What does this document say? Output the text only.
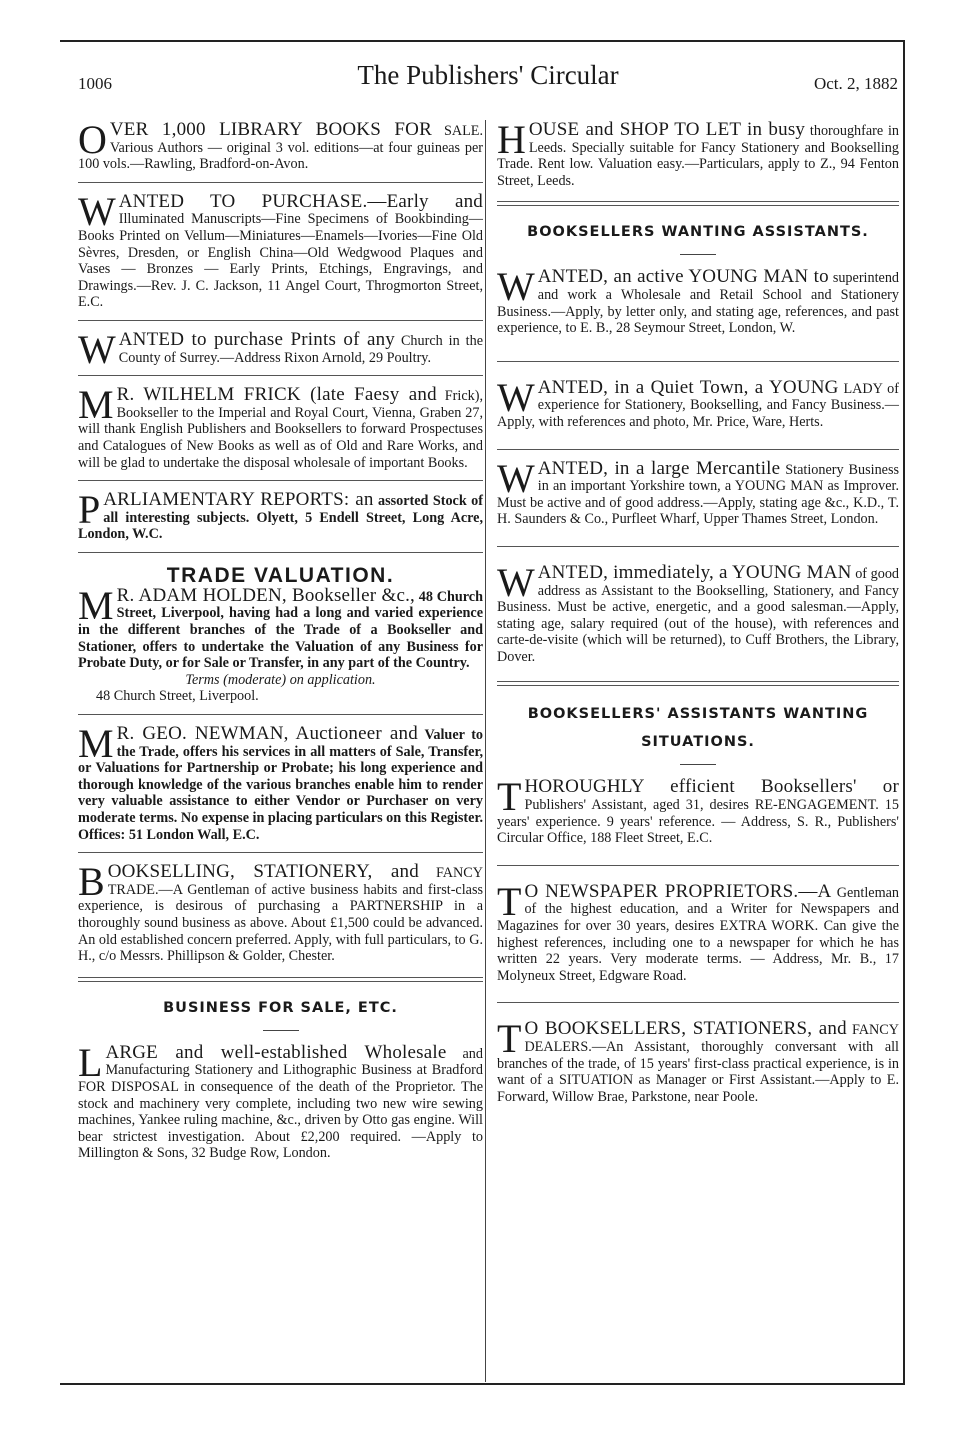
1006	The Publishers' Circular	Oct. 2, 1882

OVER 1,000 LIBRARY BOOKS FOR SALE. Various Authors — original 3 vol. editions—at four guineas per 100 vols.—Rawling, Bradford-on-Avon.

WANTED TO PURCHASE.—Early and Illuminated Manuscripts—Fine Specimens of Bookbinding—Books Printed on Vellum—Miniatures—Enamels—Ivories—Fine Old Sèvres, Dresden, or English China—Old Wedgwood Plaques and Vases — Bronzes — Early Prints, Etchings, Engravings, and Drawings.—Rev. J. C. Jackson, 11 Angel Court, Throgmorton Street, E.C.

WANTED to purchase Prints of any Church in the County of Surrey.—Address Rixon Arnold, 29 Poultry.

M R. WILHELM FRICK (late Faesy and Frick), Bookseller to the Imperial and Royal Court, Vienna, Graben 27, will thank English Publishers and Booksellers to forward Prospectuses and Catalogues of New Books as well as of Old and Rare Works, and will be glad to undertake the disposal wholesale of important Books.

PARLIAMENTARY REPORTS: an assorted Stock of all interesting subjects. Olyett, 5 Endell Street, Long Acre, London, W.C.

TRADE VALUATION.

M R. ADAM HOLDEN, Bookseller &c., 48 Church Street, Liverpool, having had a long and varied experience in the different branches of the Trade of a Bookseller and Stationer, offers to undertake the Valuation of any Business for Probate Duty, or for Sale or Transfer, in any part of the Country.

Terms (moderate) on application.

48 Church Street, Liverpool.

M R. GEO. NEWMAN, Auctioneer and Valuer to the Trade, offers his services in all matters of Sale, Transfer, or Valuations for Partnership or Probate; his long experience and thorough knowledge of the various branches enable him to render very valuable assistance to either Vendor or Purchaser on very moderate terms. No expense in placing particulars on this Register. Offices: 51 London Wall, E.C.

BOOKSELLING, STATIONERY, and FANCY TRADE.—A Gentleman of active business habits and first-class experience, is desirous of purchasing a PARTNERSHIP in a thoroughly sound business as above. About £1,500 could be advanced. An old established concern preferred. Apply, with full particulars, to G. H., c/o Messrs. Phillipson & Golder, Chester.

BUSINESS FOR SALE, ETC.

LARGE and well-established Wholesale and Manufacturing Stationery and Lithographic Business at Bradford FOR DISPOSAL in consequence of the death of the Proprietor. The stock and machinery very complete, including two new wire sewing machines, Yankee ruling machine, &c., driven by Otto gas engine. Will bear strictest investigation. About £2,200 required. —Apply to Millington & Sons, 32 Budge Row, London.

HOUSE and SHOP TO LET in busy thoroughfare in Leeds. Specially suitable for Fancy Stationery and Bookselling Trade. Rent low. Valuation easy.—Particulars, apply to Z., 94 Fenton Street, Leeds.

BOOKSELLERS WANTING ASSISTANTS.

WANTED, an active YOUNG MAN to superintend and work a Wholesale and Retail School and Stationery Business.—Apply, by letter only, and stating age, references, and past experience, to E. B., 28 Seymour Street, London, W.

WANTED, in a Quiet Town, a YOUNG LADY of experience for Stationery, Bookselling, and Fancy Business.—Apply, with references and photo, Mr. Price, Ware, Herts.

WANTED, in a large Mercantile Stationery Business in an important Yorkshire town, a YOUNG MAN as Improver. Must be active and of good address.—Apply, stating age &c., K.D., T. H. Saunders & Co., Purfleet Wharf, Upper Thames Street, London.

WANTED, immediately, a YOUNG MAN of good address as Assistant to the Bookselling, Stationery, and Fancy Business. Must be active, energetic, and a good salesman.—Apply, stating age, salary required (out of the house), with references and carte-de-visite (which will be returned), to Cuff Brothers, the Library, Dover.

BOOKSELLERS' ASSISTANTS WANTING
SITUATIONS.

THOROUGHLY efficient Booksellers' or Publishers' Assistant, aged 31, desires RE-ENGAGEMENT. 15 years' experience. 9 years' reference. — Address, S. R., Publishers' Circular Office, 188 Fleet Street, E.C.

T O NEWSPAPER PROPRIETORS.—A Gentleman of the highest education, and a Writer for Newspapers and Magazines for over 30 years, desires EXTRA WORK. Can give the highest references, including one to a newspaper for which he has written 22 years. Very moderate terms. — Address, Mr. B., 17 Molyneux Street, Edgware Road.

T O BOOKSELLERS, STATIONERS, and FANCY DEALERS.—An Assistant, thoroughly conversant with all branches of the trade, of 15 years' first-class practical experience, is in want of a SITUATION as Manager or First Assistant.—Apply to E. Forward, Willow Brae, Parkstone, near Poole.
